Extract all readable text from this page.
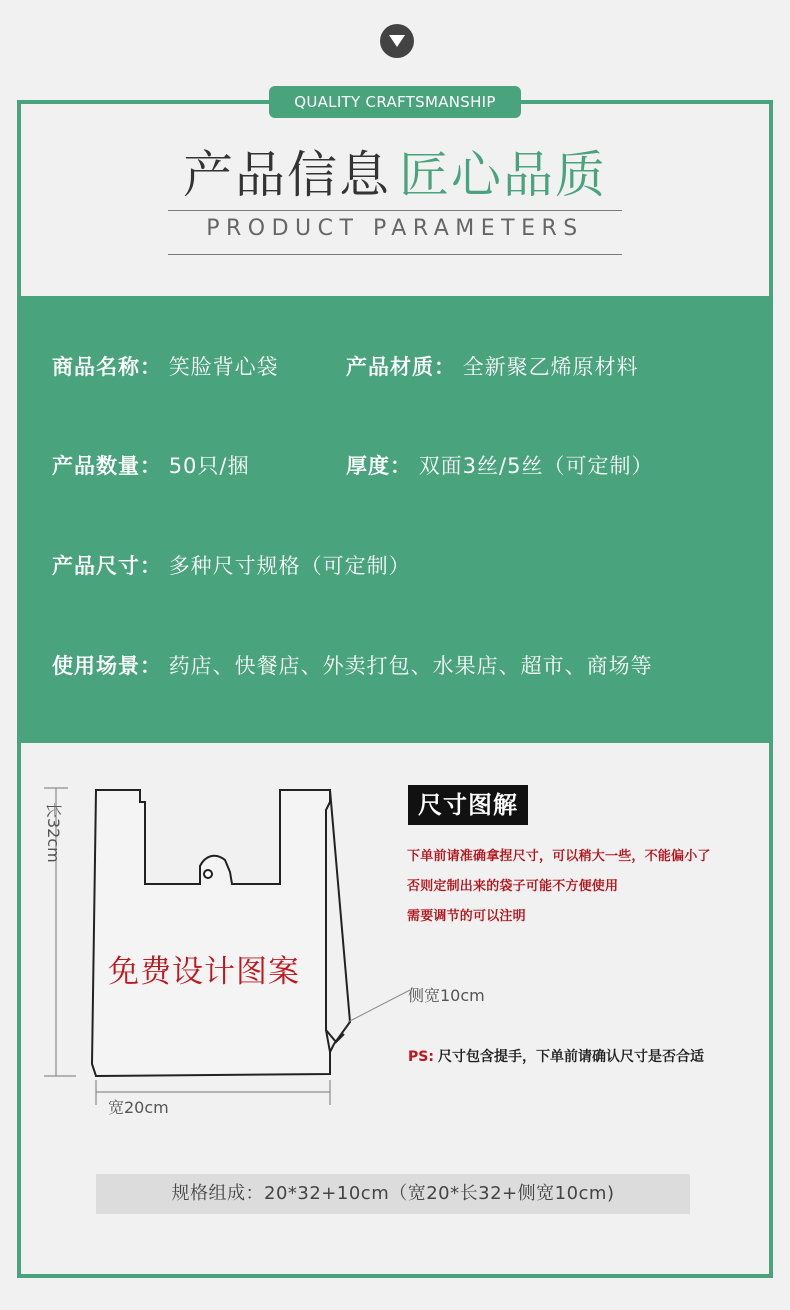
QUALITY CRAFTSMANSHIP
产品信息 匠心品质
PRODUCT PARAMETERS
商品名称： 笑脸背心袋	产品材质： 全新聚乙烯原材料
产品数量： 50只/捆	厚度： 双面3丝/5丝（可定制）
产品尺寸： 多种尺寸规格（可定制）
使用场景： 药店、快餐店、外卖打包、水果店、超市、商场等
长32cm
宽20cm
侧宽10cm
免费设计图案
尺寸图解
下单前请准确拿捏尺寸，可以稍大一些，不能偏小了
否则定制出来的袋子可能不方便使用
需要调节的可以注明
PS: 尺寸包含提手，下单前请确认尺寸是否合适
规格组成：20*32+10cm（宽20*长32+侧宽10cm)
